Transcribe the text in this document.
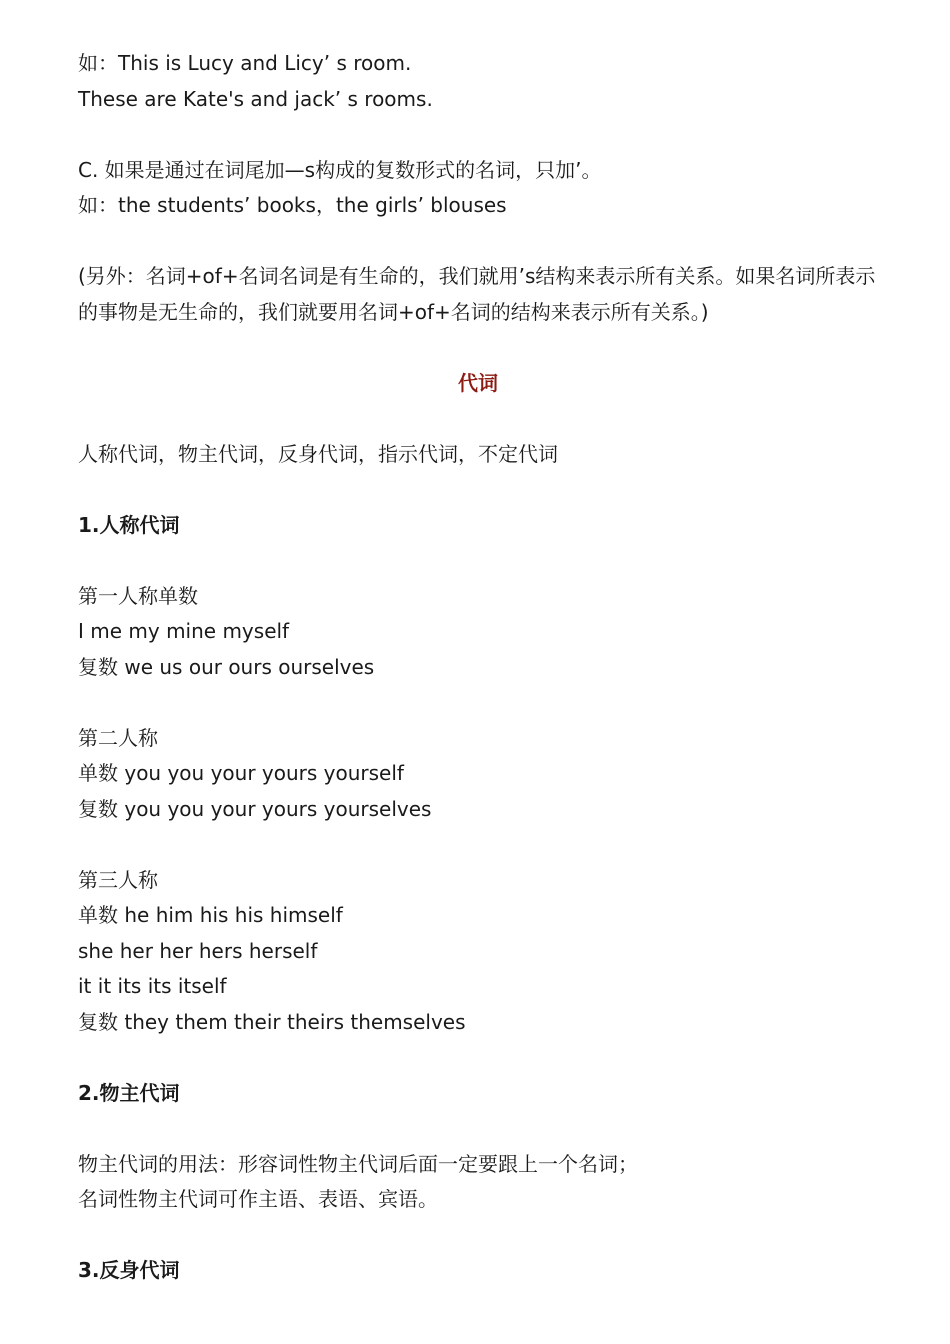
如：This is Lucy and Licy’ s room.
These are Kate's and jack’ s rooms.
C. 如果是通过在词尾加—s构成的复数形式的名词，只加’。
如：the students’ books，the girls’ blouses
(另外：名词+of+名词名词是有生命的，我们就用’s结构来表示所有关系。如果名词所表示的事物是无生命的，我们就要用名词+of+名词的结构来表示所有关系。)
代词
人称代词，物主代词，反身代词，指示代词，不定代词
1.人称代词
第一人称单数
I me my mine myself
复数 we us our ours ourselves
第二人称
单数 you you your yours yourself
复数 you you your yours yourselves
第三人称
单数 he him his his himself
she her her hers herself
it it its its itself
复数 they them their theirs themselves
2.物主代词
物主代词的用法：形容词性物主代词后面一定要跟上一个名词；
名词性物主代词可作主语、表语、宾语。
3.反身代词
